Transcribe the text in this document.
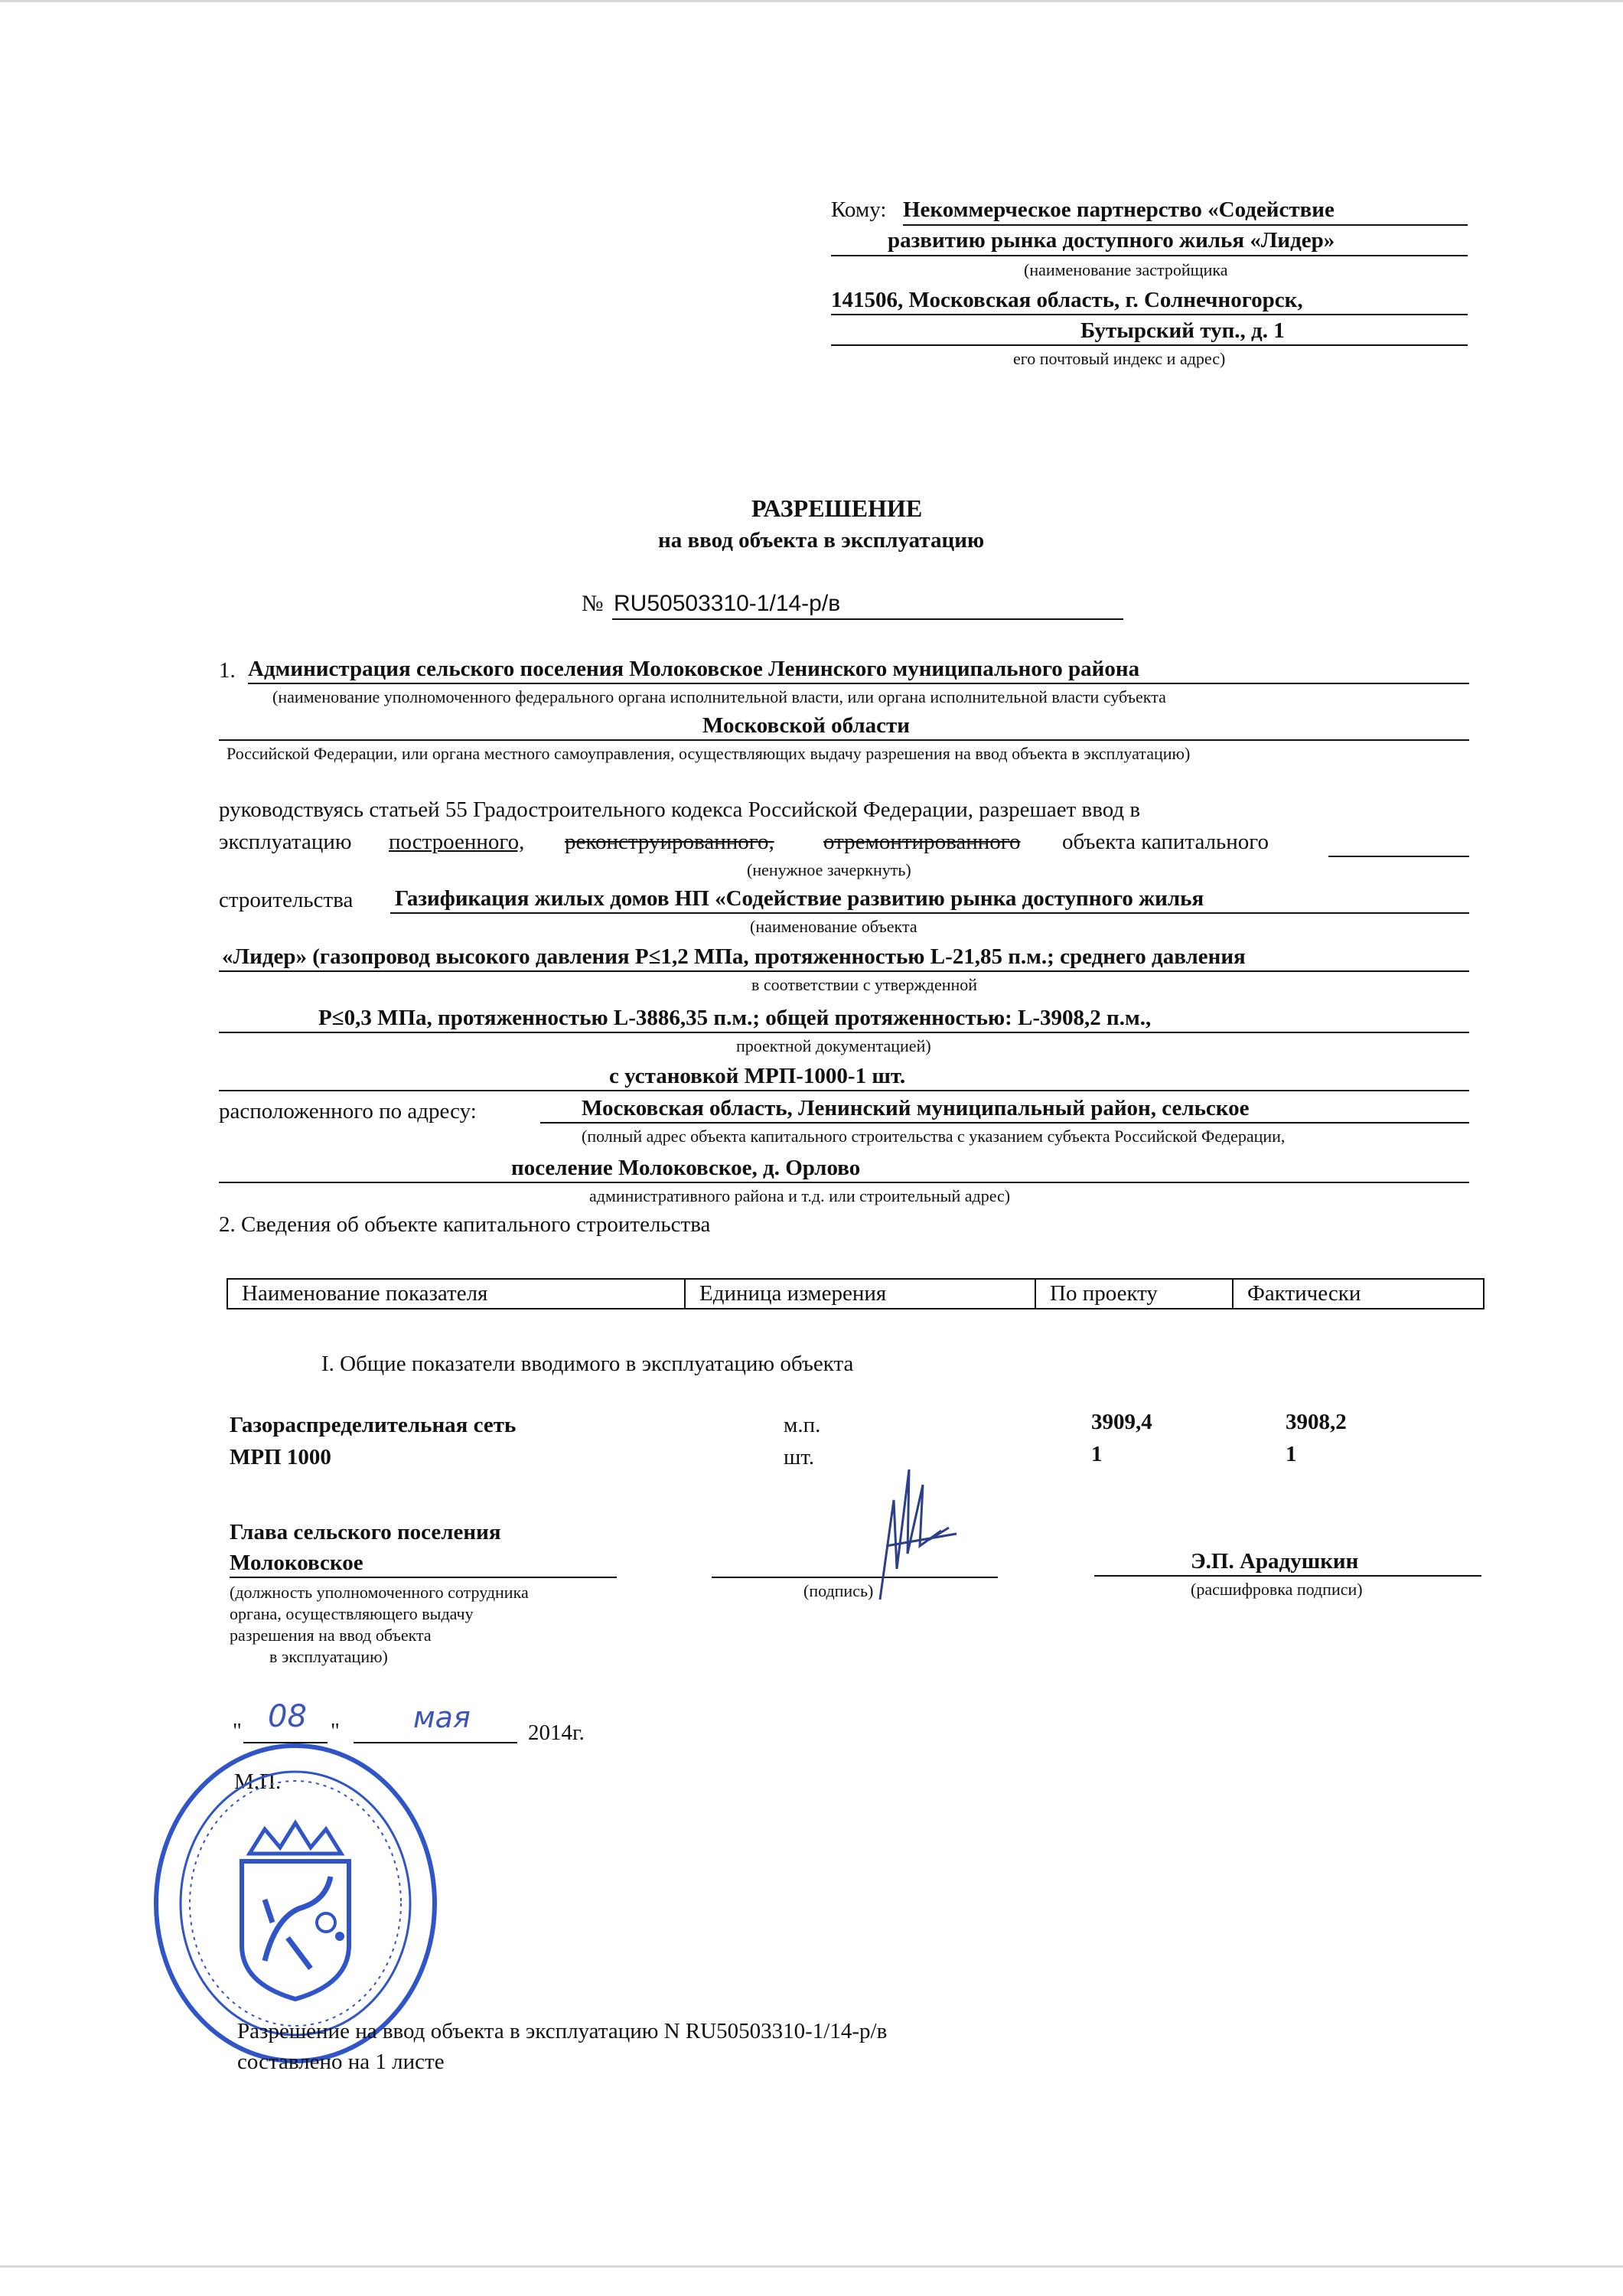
Кому: Некоммерческое партнерство «Содействие
развитию рынка доступного жилья «Лидер»
(наименование застройщика
141506, Московская область, г. Солнечногорск,
Бутырский туп., д. 1
его почтовый индекс и адрес)
РАЗРЕШЕНИЕ
на ввод объекта в эксплуатацию
№ RU50503310-1/14-р/в
1. Администрация сельского поселения Молоковское Ленинского муниципального района
(наименование уполномоченного федерального органа исполнительной власти, или органа исполнительной власти субъекта
Московской области
Российской Федерации, или органа местного самоуправления, осуществляющих выдачу разрешения на ввод объекта в эксплуатацию)
руководствуясь статьей 55 Градостроительного кодекса Российской Федерации, разрешает ввод в
эксплуатацию построенного, реконструированного, отремонтированного объекта капитального
(ненужное зачеркнуть)
строительства Газификация жилых домов НП «Содействие развитию рынка доступного жилья
(наименование объекта
«Лидер» (газопровод высокого давления Р≤1,2 МПа, протяженностью L-21,85 п.м.; среднего давления
в соответствии с утвержденной
Р≤0,3 МПа, протяженностью L-3886,35 п.м.; общей протяженностью: L-3908,2 п.м.,
проектной документацией)
с установкой МРП-1000-1 шт.
расположенного по адресу:	Московская область, Ленинский муниципальный район, сельское
(полный адрес объекта капитального строительства с указанием субъекта Российской Федерации,
поселение Молоковское, д. Орлово
административного района и т.д. или строительный адрес)
2. Сведения об объекте капитального строительства
Наименование показателя	Единица измерения	По проекту	Фактически
I. Общие показатели вводимого в эксплуатацию объекта
Газораспределительная сеть	м.п.	3909,4	3908,2
МРП 1000	шт.	1	1
Глава сельского поселения
Молоковское
(должность уполномоченного сотрудника
органа, осуществляющего выдачу
разрешения на ввод объекта
в эксплуатацию)
(подпись)
Э.П. Арадушкин
(расшифровка подписи)
" 08 "	мая	2014г.
М.П.
Разрешение на ввод объекта в эксплуатацию N RU50503310-1/14-р/в
составлено на 1 листе
